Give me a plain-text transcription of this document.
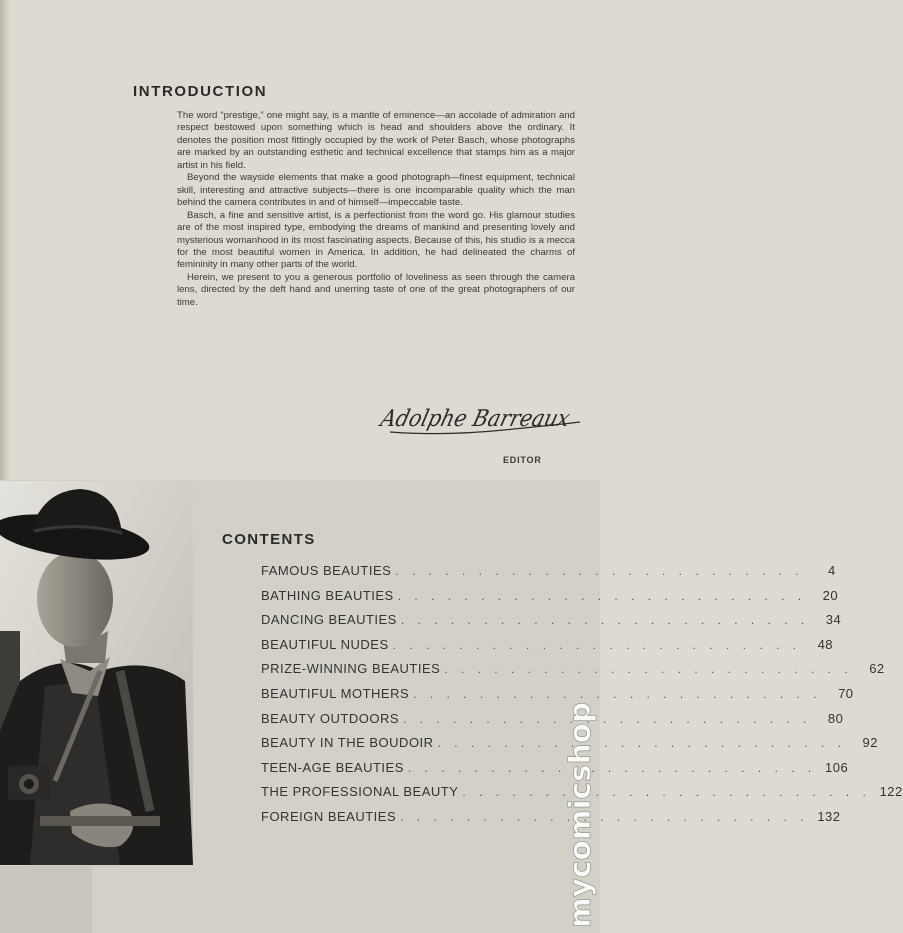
INTRODUCTION

The word “prestige,” one might say, is a mantle of eminence—an accolade of admiration and respect bestowed upon something which is head and shoulders above the ordinary. It denotes the position most fittingly occupied by the work of Peter Basch, whose photographs are marked by an outstanding esthetic and technical excellence that stamps him as a major artist in his field.

Beyond the wayside elements that make a good photograph—finest equipment, technical skill, interesting and attractive subjects—there is one incomparable quality which the man behind the camera contributes in and of himself—impeccable taste.

Basch, a fine and sensitive artist, is a perfectionist from the word go. His glamour studies are of the most inspired type, embodying the dreams of mankind and presenting lovely and mysterious womanhood in its most fascinating aspects. Because of this, his studio is a mecca for the most beautiful women in America. In addition, he had delineated the charms of femininity in many other parts of the world.

Herein, we present to you a generous portfolio of loveliness as seen through the camera lens, directed by the deft hand and unerring taste of one of the great photographers of our time.

Adolphe Barreaux
EDITOR
CONTENTS
FAMOUS BEAUTIES . . . . . . . . . . . . . . . . . . . . . . . . .	4
BATHING BEAUTIES . . . . . . . . . . . . . . . . . . . . . . . . .	20
DANCING BEAUTIES . . . . . . . . . . . . . . . . . . . . . . . . .	34
BEAUTIFUL NUDES . . . . . . . . . . . . . . . . . . . . . . . . .	48
PRIZE-WINNING BEAUTIES . . . . . . . . . . . . . . . . . . . . . . . . .	62
BEAUTIFUL MOTHERS . . . . . . . . . . . . . . . . . . . . . . . . .	70
BEAUTY OUTDOORS . . . . . . . . . . . . . . . . . . . . . . . . .	80
BEAUTY IN THE BOUDOIR . . . . . . . . . . . . . . . . . . . . . . . . .	92
TEEN-AGE BEAUTIES . . . . . . . . . . . . . . . . . . . . . . . . . 106
THE PROFESSIONAL BEAUTY . . . . . . . . . . . . . . . . . . . . . . . . . 122
FOREIGN BEAUTIES . . . . . . . . . . . . . . . . . . . . . . . . . 132
mycomicshop
